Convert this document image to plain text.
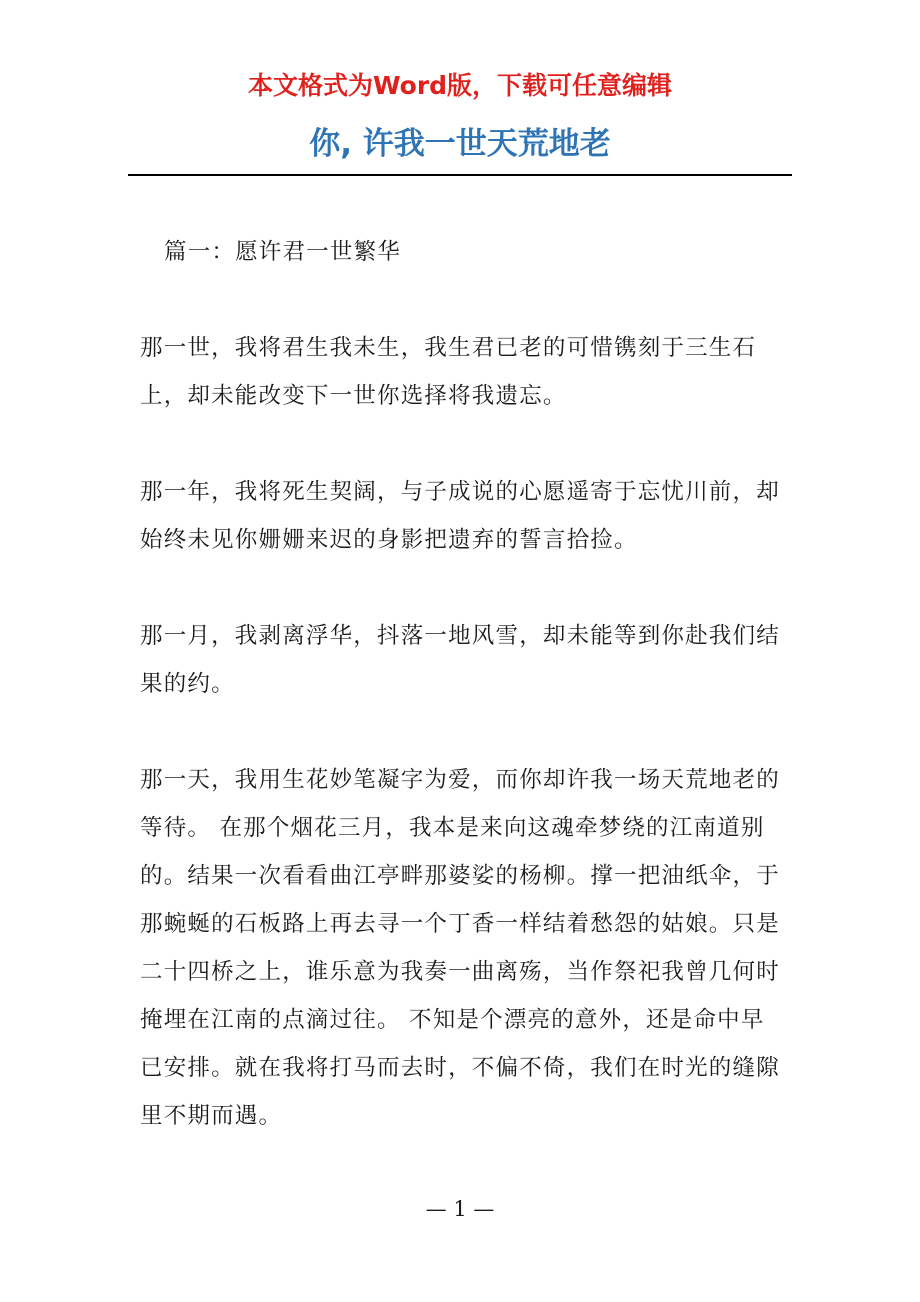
本文格式为Word版，下载可任意编辑
你, 许我一世天荒地老

篇一：愿许君一世繁华

那一世，我将君生我未生，我生君已老的可惜镌刻于三生石上，却未能改变下一世你选择将我遗忘。

那一年，我将死生契阔，与子成说的心愿遥寄于忘忧川前，却始终未见你姗姗来迟的身影把遗弃的誓言拾捡。

那一月，我剥离浮华，抖落一地风雪，却未能等到你赴我们结果的约。

那一天，我用生花妙笔凝字为爱，而你却许我一场天荒地老的等待。 在那个烟花三月，我本是来向这魂牵梦绕的江南道别的。结果一次看看曲江亭畔那婆娑的杨柳。撑一把油纸伞，于那蜿蜒的石板路上再去寻一个丁香一样结着愁怨的姑娘。只是二十四桥之上，谁乐意为我奏一曲离殇，当作祭祀我曾几何时掩埋在江南的点滴过往。 不知是个漂亮的意外，还是命中早已安排。就在我将打马而去时，不偏不倚，我们在时光的缝隙里不期而遇。

— 1 —
